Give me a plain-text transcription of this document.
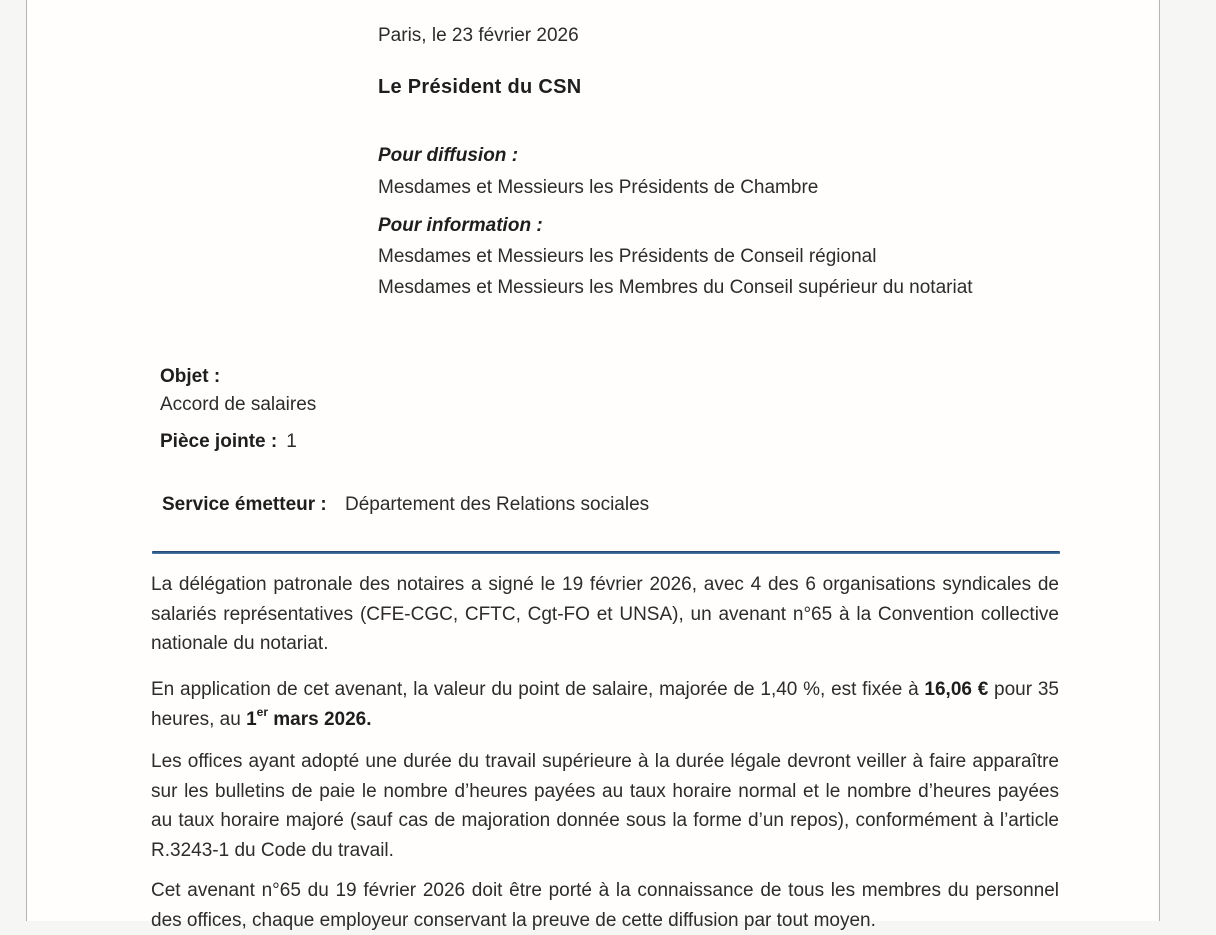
Paris, le 23 février 2026
Le Président du CSN
Pour diffusion :
Mesdames et Messieurs les Présidents de Chambre
Pour information :
Mesdames et Messieurs les Présidents de Conseil régional
Mesdames et Messieurs les Membres du Conseil supérieur du notariat
Objet :
Accord de salaires
Pièce jointe : 1
Service émetteur : Département des Relations sociales
La délégation patronale des notaires a signé le 19 février 2026, avec 4 des 6 organisations syndicales de salariés représentatives (CFE-CGC, CFTC, Cgt-FO et UNSA), un avenant n°65 à la Convention collective nationale du notariat.
En application de cet avenant, la valeur du point de salaire, majorée de 1,40 %, est fixée à 16,06 € pour 35 heures, au 1er mars 2026.
Les offices ayant adopté une durée du travail supérieure à la durée légale devront veiller à faire apparaître sur les bulletins de paie le nombre d’heures payées au taux horaire normal et le nombre d’heures payées au taux horaire majoré (sauf cas de majoration donnée sous la forme d’un repos), conformément à l’article R.3243-1 du Code du travail.
Cet avenant n°65 du 19 février 2026 doit être porté à la connaissance de tous les membres du personnel des offices, chaque employeur conservant la preuve de cette diffusion par tout moyen.
